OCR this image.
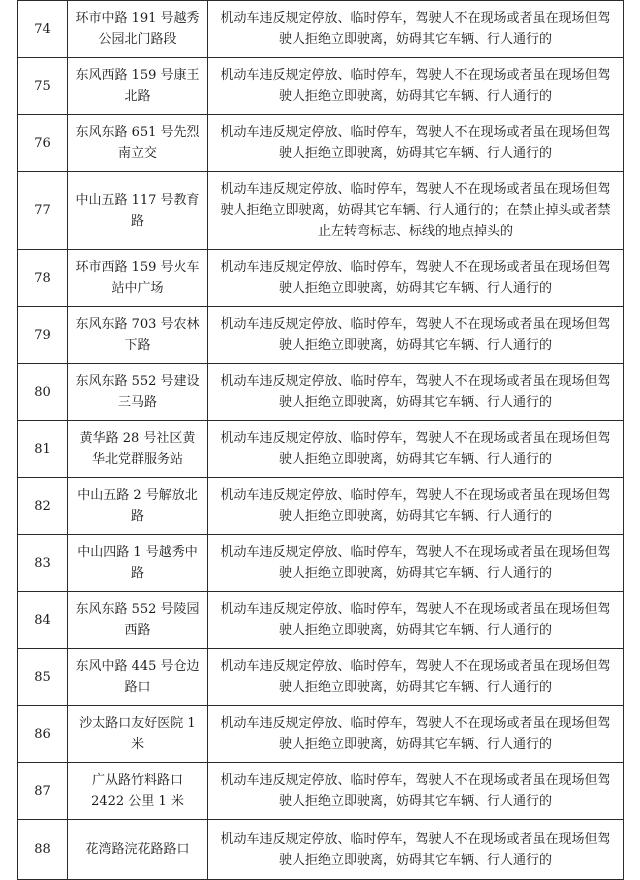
74	环市中路 191 号越秀公园北门路段	机动车违反规定停放、临时停车，驾驶人不在现场或者虽在现场但驾驶人拒绝立即驶离，妨碍其它车辆、行人通行的
75	东风西路 159 号康王北路	机动车违反规定停放、临时停车，驾驶人不在现场或者虽在现场但驾驶人拒绝立即驶离，妨碍其它车辆、行人通行的
76	东风东路 651 号先烈南立交	机动车违反规定停放、临时停车，驾驶人不在现场或者虽在现场但驾驶人拒绝立即驶离，妨碍其它车辆、行人通行的
77	中山五路 117 号教育路	机动车违反规定停放、临时停车，驾驶人不在现场或者虽在现场但驾驶人拒绝立即驶离，妨碍其它车辆、行人通行的；在禁止掉头或者禁止左转弯标志、标线的地点掉头的
78	环市西路 159 号火车站中广场	机动车违反规定停放、临时停车，驾驶人不在现场或者虽在现场但驾驶人拒绝立即驶离，妨碍其它车辆、行人通行的
79	东风东路 703 号农林下路	机动车违反规定停放、临时停车，驾驶人不在现场或者虽在现场但驾驶人拒绝立即驶离，妨碍其它车辆、行人通行的
80	东风东路 552 号建设三马路	机动车违反规定停放、临时停车，驾驶人不在现场或者虽在现场但驾驶人拒绝立即驶离，妨碍其它车辆、行人通行的
81	黄华路 28 号社区黄华北党群服务站	机动车违反规定停放、临时停车，驾驶人不在现场或者虽在现场但驾驶人拒绝立即驶离，妨碍其它车辆、行人通行的
82	中山五路 2 号解放北路	机动车违反规定停放、临时停车，驾驶人不在现场或者虽在现场但驾驶人拒绝立即驶离，妨碍其它车辆、行人通行的
83	中山四路 1 号越秀中路	机动车违反规定停放、临时停车，驾驶人不在现场或者虽在现场但驾驶人拒绝立即驶离，妨碍其它车辆、行人通行的
84	东风东路 552 号陵园西路	机动车违反规定停放、临时停车，驾驶人不在现场或者虽在现场但驾驶人拒绝立即驶离，妨碍其它车辆、行人通行的
85	东风中路 445 号仓边路口	机动车违反规定停放、临时停车，驾驶人不在现场或者虽在现场但驾驶人拒绝立即驶离，妨碍其它车辆、行人通行的
86	沙太路口友好医院 1 米	机动车违反规定停放、临时停车，驾驶人不在现场或者虽在现场但驾驶人拒绝立即驶离，妨碍其它车辆、行人通行的
87	广从路竹料路口 2422 公里 1 米	机动车违反规定停放、临时停车，驾驶人不在现场或者虽在现场但驾驶人拒绝立即驶离，妨碍其它车辆、行人通行的
88	花湾路浣花路路口	机动车违反规定停放、临时停车，驾驶人不在现场或者虽在现场但驾驶人拒绝立即驶离，妨碍其它车辆、行人通行的
